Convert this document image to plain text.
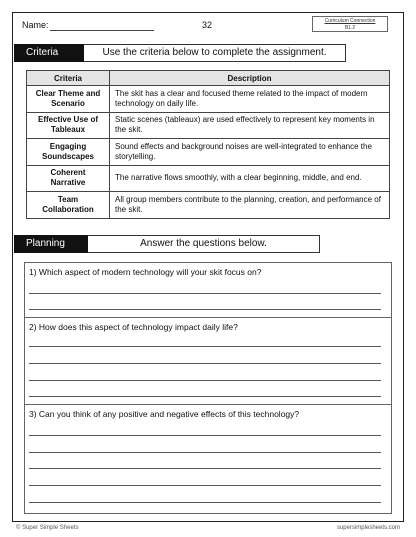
Name:	32	Curriculum Connection
B1.2
Criteria	Use the criteria below to complete the assignment.
Criteria	Description
Clear Theme and Scenario	The skit has a clear and focused theme related to the impact of modern technology on daily life.
Effective Use of Tableaux	Static scenes (tableaux) are used effectively to represent key moments in the skit.
Engaging Soundscapes	Sound effects and background noises are well-integrated to enhance the storytelling.
Coherent Narrative	The narrative flows smoothly, with a clear beginning, middle, and end.
Team Collaboration	All group members contribute to the planning, creation, and performance of the skit.
Planning	Answer the questions below.
1) Which aspect of modern technology will your skit focus on?
2) How does this aspect of technology impact daily life?
3) Can you think of any positive and negative effects of this technology?
© Super Simple Sheets	supersimplesheets.com
